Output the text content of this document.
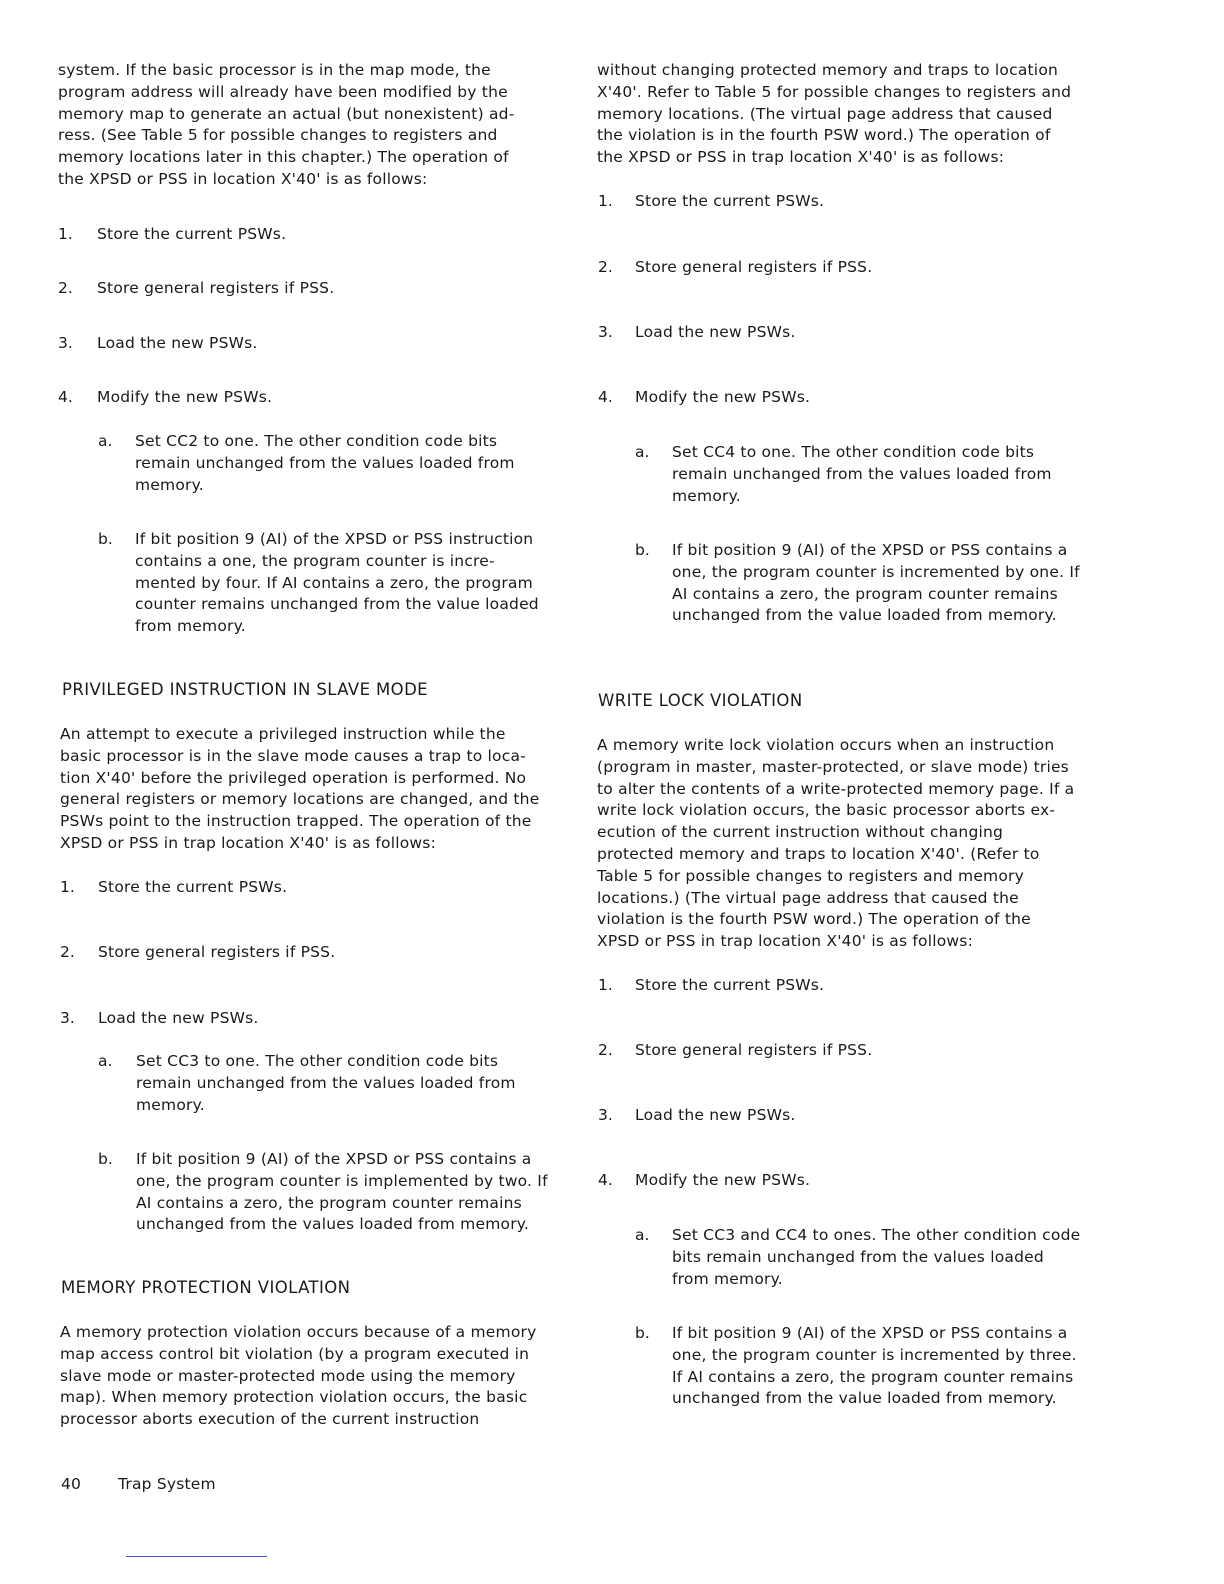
system. If the basic processor is in the map mode, the program address will already have been modified by the memory map to generate an actual (but nonexistent) adress. (See Table 5 for possible changes to registers and memory locations later in this chapter.) The operation of the XPSD or PSS in location X'40' is as follows:
1. Store the current PSWs.
2. Store general registers if PSS.
3. Load the new PSWs.
4. Modify the new PSWs.
a. Set CC2 to one. The other condition code bits remain unchanged from the values loaded from memory.
b. If bit position 9 (AI) of the XPSD or PSS instruction contains a one, the program counter is incremented by four. If AI contains a zero, the program counter remains unchanged from the value loaded from memory.
PRIVILEGED INSTRUCTION IN SLAVE MODE
An attempt to execute a privileged instruction while the basic processor is in the slave mode causes a trap to location X'40' before the privileged operation is performed. No general registers or memory locations are changed, and the PSWs point to the instruction trapped. The operation of the XPSD or PSS in trap location X'40' is as follows:
1. Store the current PSWs.
2. Store general registers if PSS.
3. Load the new PSWs.
a. Set CC3 to one. The other condition code bits remain unchanged from the values loaded from memory.
b. If bit position 9 (AI) of the XPSD or PSS contains a one, the program counter is implemented by two. If AI contains a zero, the program counter remains unchanged from the values loaded from memory.
MEMORY PROTECTION VIOLATION
A memory protection violation occurs because of a memory map access control bit violation (by a program executed in slave mode or master-protected mode using the memory map). When memory protection violation occurs, the basic processor aborts execution of the current instruction
without changing protected memory and traps to location X'40'. Refer to Table 5 for possible changes to registers and memory locations. (The virtual page address that caused the violation is in the fourth PSW word.) The operation of the XPSD or PSS in trap location X'40' is as follows:
1. Store the current PSWs.
2. Store general registers if PSS.
3. Load the new PSWs.
4. Modify the new PSWs.
a. Set CC4 to one. The other condition code bits remain unchanged from the values loaded from memory.
b. If bit position 9 (AI) of the XPSD or PSS contains a one, the program counter is incremented by one. If AI contains a zero, the program counter remains unchanged from the value loaded from memory.
WRITE LOCK VIOLATION
A memory write lock violation occurs when an instruction (program in master, master-protected, or slave mode) tries to alter the contents of a write-protected memory page. If a write lock violation occurs, the basic processor aborts execution of the current instruction without changing protected memory and traps to location X'40'. (Refer to Table 5 for possible changes to registers and memory locations.) (The virtual page address that caused the violation is the fourth PSW word.) The operation of the XPSD or PSS in trap location X'40' is as follows:
1. Store the current PSWs.
2. Store general registers if PSS.
3. Load the new PSWs.
4. Modify the new PSWs.
a. Set CC3 and CC4 to ones. The other condition code bits remain unchanged from the values loaded from memory.
b. If bit position 9 (AI) of the XPSD or PSS contains a one, the program counter is incremented by three. If AI contains a zero, the program counter remains unchanged from the value loaded from memory.
40 Trap System
